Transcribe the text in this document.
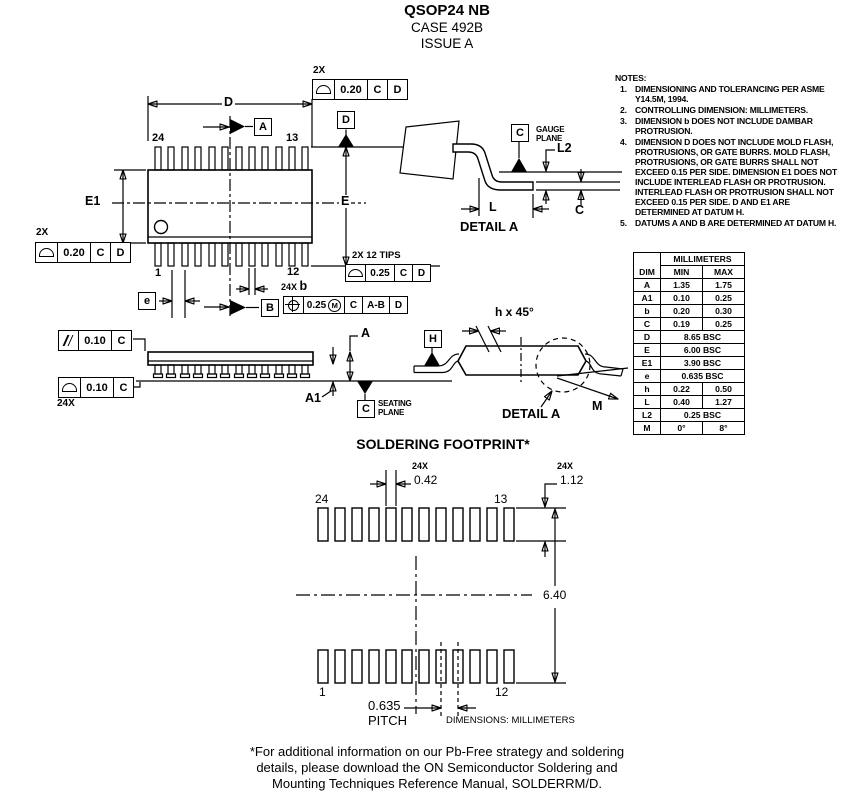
QSOP24 NB
CASE 492B
ISSUE A
2X
0.20	C	D
D
24	13
A
D
E1	E
2X
0.20	C	D
1	12
2X 12 TIPS
0.25	C	D
e
24X b
B	0.25 M	C	A-B D
0.10	C
0.10	C
24X
A
A1
C	SEATING
PLANE
C	GAUGE
PLANE
L2
L	C
DETAIL A
h x 45°
H
M
DETAIL A
NOTES:
1. DIMENSIONING AND TOLERANCING PER ASME Y14.5M, 1994.
2. CONTROLLING DIMENSION: MILLIMETERS.
3. DIMENSION b DOES NOT INCLUDE DAMBAR PROTRUSION.
4. DIMENSION D DOES NOT INCLUDE MOLD FLASH, PROTRUSIONS, OR GATE BURRS. MOLD FLASH, PROTRUSIONS, OR GATE BURRS SHALL NOT EXCEED 0.15 PER SIDE. DIMENSION E1 DOES NOT INCLUDE INTERLEAD FLASH OR PROTRUSION. INTERLEAD FLASH OR PROTRUSION SHALL NOT EXCEED 0.15 PER SIDE. D AND E1 ARE DETERMINED AT DATUM H.
5. DATUMS A AND B ARE DETERMINED AT DATUM H.
DIM	MILLIMETERS	
	MIN	MAX
A	1.35	1.75
A1	0.10	0.25
b	0.20	0.30
C	0.19	0.25
D	8.65 BSC	
E	6.00 BSC	
E1	3.90 BSC	
e	0.635 BSC	
h	0.22	0.50
L	0.40	1.27
L2	0.25 BSC	
M	0°	8°
SOLDERING FOOTPRINT*
24X
0.42
24X
1.12
24	13
6.40
1	12
0.635
PITCH	DIMENSIONS: MILLIMETERS
*For additional information on our Pb-Free strategy and soldering
details, please download the ON Semiconductor Soldering and
Mounting Techniques Reference Manual, SOLDERRM/D.
